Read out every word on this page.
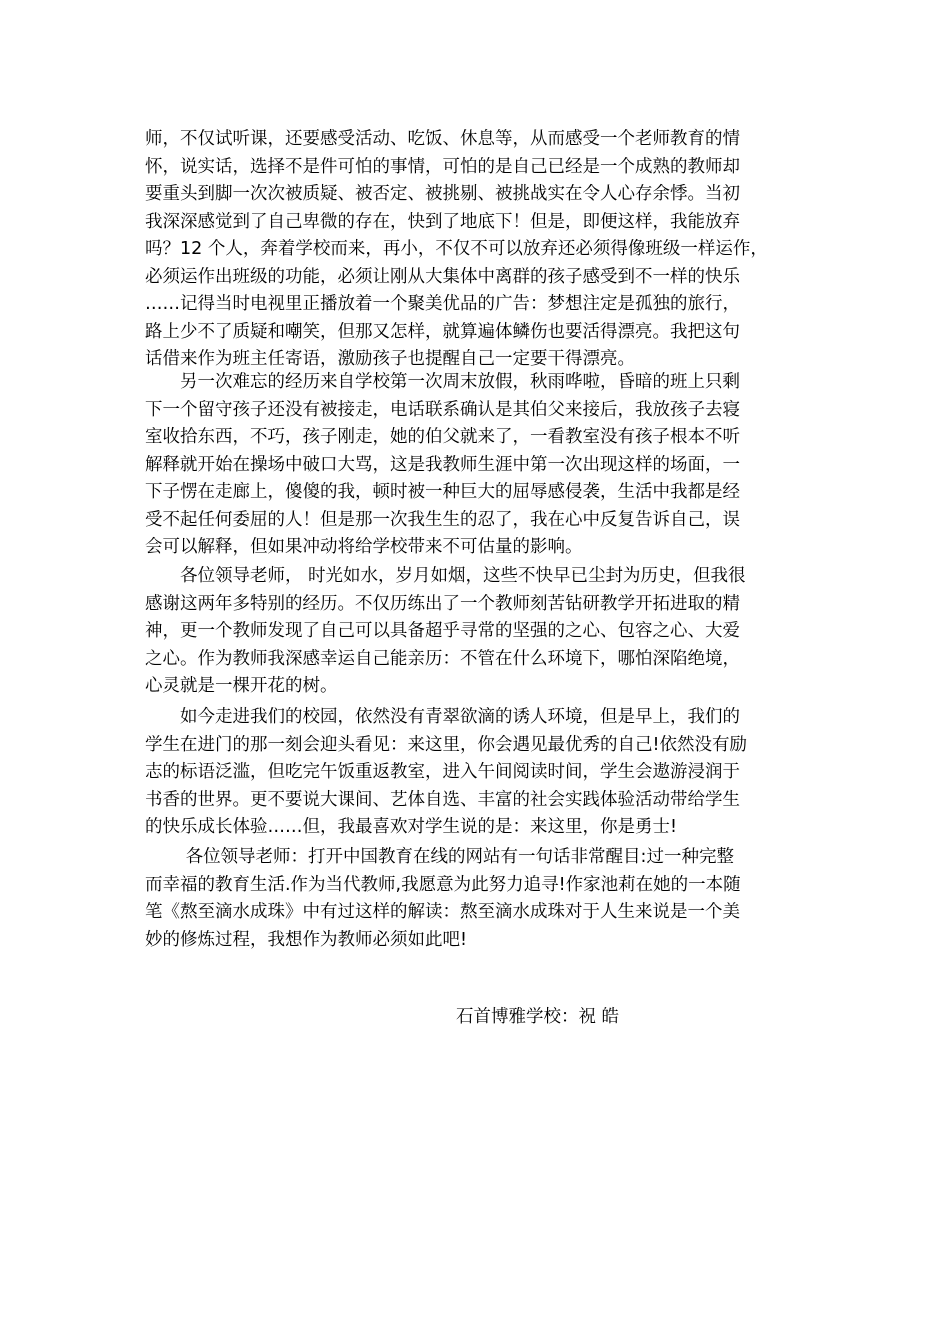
师，不仅试听课，还要感受活动、吃饭、休息等，从而感受一个老师教育的情
怀，说实话，选择不是件可怕的事情，可怕的是自己已经是一个成熟的教师却
要重头到脚一次次被质疑、被否定、被挑剔、被挑战实在令人心存余悸。当初
我深深感觉到了自己卑微的存在，快到了地底下！但是，即便这样，我能放弃
吗？12 个人，奔着学校而来，再小，不仅不可以放弃还必须得像班级一样运作，
必须运作出班级的功能，必须让刚从大集体中离群的孩子感受到不一样的快乐
……记得当时电视里正播放着一个聚美优品的广告：梦想注定是孤独的旅行，
路上少不了质疑和嘲笑，但那又怎样，就算遍体鳞伤也要活得漂亮。我把这句
话借来作为班主任寄语，激励孩子也提醒自己一定要干得漂亮。
　　另一次难忘的经历来自学校第一次周末放假，秋雨哗啦，昏暗的班上只剩
下一个留守孩子还没有被接走，电话联系确认是其伯父来接后，我放孩子去寝
室收拾东西，不巧，孩子刚走，她的伯父就来了，一看教室没有孩子根本不听
解释就开始在操场中破口大骂，这是我教师生涯中第一次出现这样的场面，一
下子愣在走廊上，傻傻的我，顿时被一种巨大的屈辱感侵袭，生活中我都是经
受不起任何委屈的人！但是那一次我生生的忍了，我在心中反复告诉自己，误
会可以解释，但如果冲动将给学校带来不可估量的影响。
　　各位领导老师， 时光如水，岁月如烟，这些不快早已尘封为历史，但我很
感谢这两年多特别的经历。不仅历练出了一个教师刻苦钻研教学开拓进取的精
神，更一个教师发现了自己可以具备超乎寻常的坚强的之心、包容之心、大爱
之心。作为教师我深感幸运自己能亲历：不管在什么环境下，哪怕深陷绝境，
心灵就是一棵开花的树。
　　如今走进我们的校园，依然没有青翠欲滴的诱人环境，但是早上，我们的
学生在进门的那一刻会迎头看见：来这里，你会遇见最优秀的自己!依然没有励
志的标语泛滥，但吃完午饭重返教室，进入午间阅读时间，学生会遨游浸润于
书香的世界。更不要说大课间、艺体自选、丰富的社会实践体验活动带给学生
的快乐成长体验……但，我最喜欢对学生说的是：来这里，你是勇士!
　　 各位领导老师：打开中国教育在线的网站有一句话非常醒目:过一种完整
而幸福的教育生活.作为当代教师,我愿意为此努力追寻!作家池莉在她的一本随
笔《熬至滴水成珠》中有过这样的解读：熬至滴水成珠对于人生来说是一个美
妙的修炼过程，我想作为教师必须如此吧!
石首博雅学校：祝 皓
